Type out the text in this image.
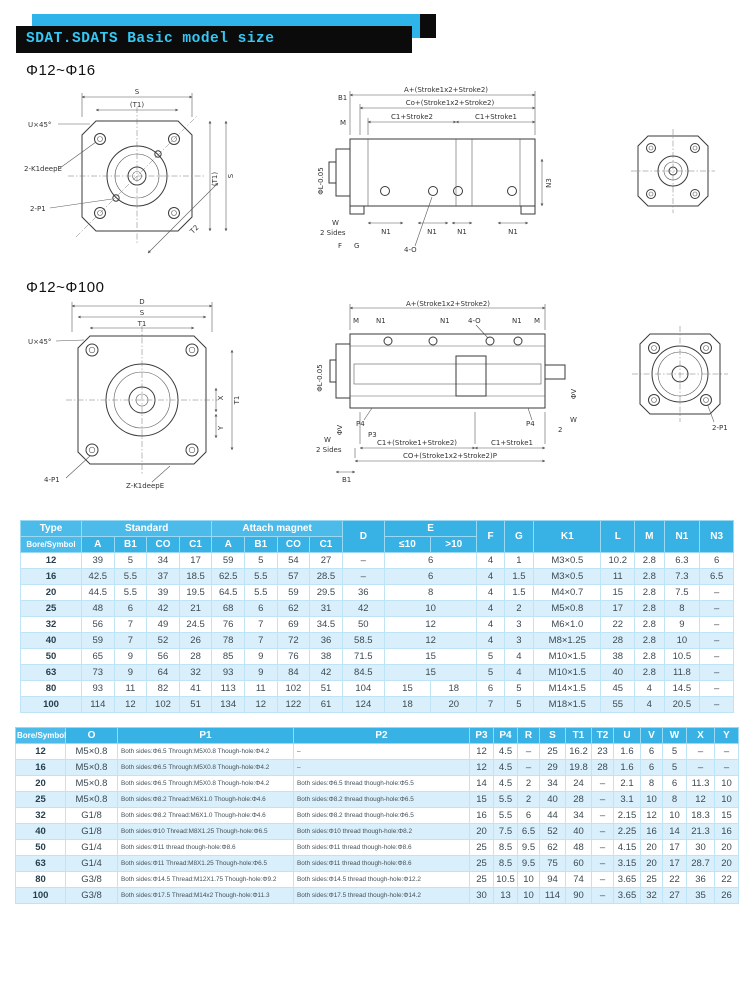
SDAT.SDATS Basic model size
Φ12~Φ16
S
(T1)
(T1) S
U×45°
2-K1deepE
2-P1
T2
A+(Stroke1x2+Stroke2)
Co+(Stroke1x2+Stroke2)
C1+Stroke2	C1+Stroke1
B1
M
ΦL-0.05
W
2 Sides
F G	4-O
N1	N1	N1	N1
N3
Φ12~Φ100
D
S
T1
U×45°
X
Y
T1
4-P1
Z-K1deepE
A+(Stroke1x2+Stroke2)
M N1	N1	4-O	N1 M
ΦL-0.05
ΦV
W
2 Sides
P4
P3
P4
2
W
ΦV
C1+(Stroke1+Stroke2)	C1+Stroke1
CO+(Stroke1x2+Stroke2)P
B1
2-P1
Type	Standard				Attach magnet				D	E		F	G	K1	L	M	N1	N3
Bore/Symbol	A	B1	CO	C1	A	B1	CO	C1		≤10	>10							
12	39	5	34	17	59	5	54	27	–	6		4	1	M3×0.5	10.2	2.8	6.3	6
16	42.5	5.5	37	18.5	62.5	5.5	57	28.5	–	6		4	1.5	M3×0.5	11	2.8	7.3	6.5
20	44.5	5.5	39	19.5	64.5	5.5	59	29.5	36	8		4	1.5	M4×0.7	15	2.8	7.5	–
25	48	6	42	21	68	6	62	31	42	10		4	2	M5×0.8	17	2.8	8	–
32	56	7	49	24.5	76	7	69	34.5	50	12		4	3	M6×1.0	22	2.8	9	–
40	59	7	52	26	78	7	72	36	58.5	12		4	3	M8×1.25	28	2.8	10	–
50	65	9	56	28	85	9	76	38	71.5	15		5	4	M10×1.5	38	2.8	10.5	–
63	73	9	64	32	93	9	84	42	84.5	15		5	4	M10×1.5	40	2.8	11.8	–
80	93	11	82	41	113	11	102	51	104	15	18	6	5	M14×1.5	45	4	14.5	–
100	114	12	102	51	134	12	122	61	124	18	20	7	5	M18×1.5	55	4	20.5	–
Bore/Symbol	O	P1	P2	P3	P4	R	S	T1	T2	U	V	W	X	Y
12	M5×0.8	Both sides:Φ6.5 Through:M5X0.8 Though-hole:Φ4.2	–	12	4.5	–	25	16.2	23	1.6	6	5	–	–
16	M5×0.8	Both sides:Φ6.5 Through:M5X0.8 Though-hole:Φ4.2	–	12	4.5	–	29	19.8	28	1.6	6	5	–	–
20	M5×0.8	Both sides:Φ6.5 Through:M5X0.8 Though-hole:Φ4.2	Both sides:Φ6.5 thread though-hole:Φ5.5	14	4.5	2	34	24	–	2.1	8	6	11.3	10
25	M5×0.8	Both sides:Φ8.2 Thread:M6X1.0 Though-hole:Φ4.6	Both sides:Φ8.2 thread though-hole:Φ6.5	15	5.5	2	40	28	–	3.1	10	8	12	10
32	G1/8	Both sides:Φ8.2 Thread:M6X1.0 Though-hole:Φ4.6	Both sides:Φ8.2 thread though-hole:Φ6.5	16	5.5	6	44	34	–	2.15	12	10	18.3	15
40	G1/8	Both sides:Φ10 Thread:M8X1.25 Though-hole:Φ6.5	Both sides:Φ10 thread though-hole:Φ8.2	20	7.5	6.5	52	40	–	2.25	16	14	21.3	16
50	G1/4	Both sides:Φ11 thread though-hole:Φ8.6	Both sides:Φ11 thread though-hole:Φ8.6	25	8.5	9.5	62	48	–	4.15	20	17	30	20
63	G1/4	Both sides:Φ11 Thread:M8X1.25 Though-hole:Φ6.5	Both sides:Φ11 thread though-hole:Φ8.6	25	8.5	9.5	75	60	–	3.15	20	17	28.7	20
80	G3/8	Both sides:Φ14.5 Thread:M12X1.75 Though-hole:Φ9.2	Both sides:Φ14.5 thread though-hole:Φ12.2	25	10.5	10	94	74	–	3.65	25	22	36	22
100	G3/8	Both sides:Φ17.5 Thread:M14x2 Though-hole:Φ11.3	Both sides:Φ17.5 thread though-hole:Φ14.2	30	13	10	114	90	–	3.65	32	27	35	26
